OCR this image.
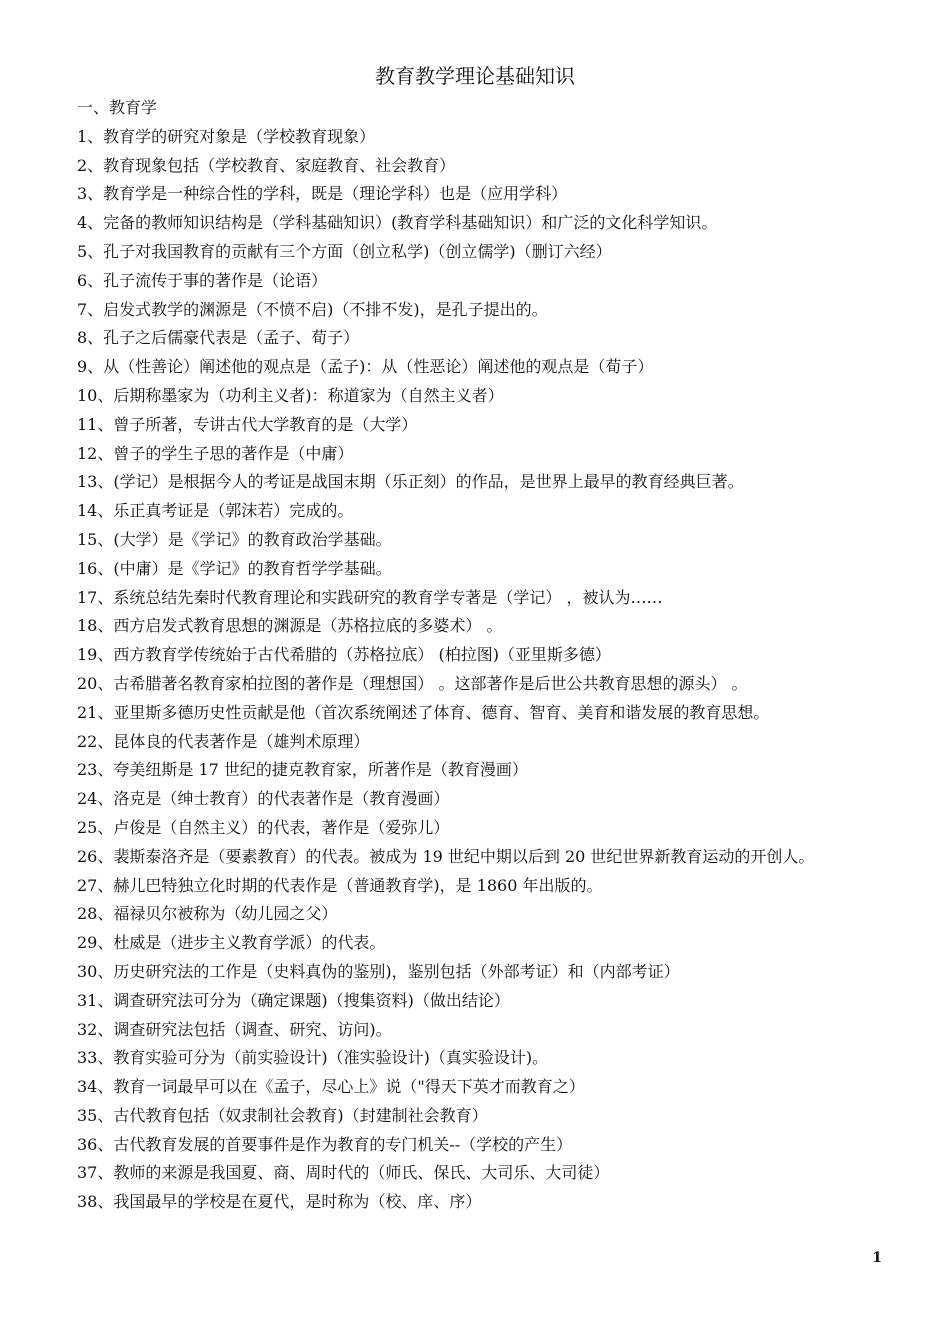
教育教学理论基础知识
一、教育学
1、教育学的研究对象是（学校教育现象）
2、教育现象包括（学校教育、家庭教育、社会教育）
3、教育学是一种综合性的学科，既是（理论学科）也是（应用学科）
4、完备的教师知识结构是（学科基础知识）(教育学科基础知识）和广泛的文化科学知识。
5、孔子对我国教育的贡献有三个方面（创立私学)（创立儒学)（删订六经）
6、孔子流传于事的著作是（论语）
7、启发式教学的渊源是（不愤不启)（不排不发)，是孔子提出的。
8、孔子之后儒豪代表是（孟子、荀子）
9、从（性善论）阐述他的观点是（孟子)：从（性恶论）阐述他的观点是（荀子）
10、后期称墨家为（功利主义者)：称道家为（自然主义者）
11、曾子所著，专讲古代大学教育的是（大学）
12、曾子的学生子思的著作是（中庸）
13、(学记）是根据今人的考证是战国末期（乐正刻）的作品，是世界上最早的教育经典巨著。
14、乐正真考证是（郭沫若）完成的。
15、(大学）是《学记》的教育政治学基础。
16、(中庸）是《学记》的教育哲学学基础。
17、系统总结先秦时代教育理论和实践研究的教育学专著是（学记） ，被认为……
18、西方启发式教育思想的渊源是（苏格拉底的多婆术） 。
19、西方教育学传统始于古代希腊的（苏格拉底） (柏拉图)（亚里斯多德）
20、古希腊著名教育家柏拉图的著作是（理想国） 。这部著作是后世公共教育思想的源头） 。
21、亚里斯多德历史性贡献是他（首次系统阐述了体育、德育、智育、美育和谐发展的教育思想。
22、昆体良的代表著作是（雄判术原理）
23、夸美纽斯是 17 世纪的捷克教育家，所著作是（教育漫画）
24、洛克是（绅士教育）的代表著作是（教育漫画）
25、卢俊是（自然主义）的代表，著作是（爱弥儿）
26、裴斯泰洛齐是（要素教育）的代表。被成为 19 世纪中期以后到 20 世纪世界新教育运动的开创人。
27、赫儿巴特独立化时期的代表作是（普通教育学)，是 1860 年出版的。
28、福禄贝尔被称为（幼儿园之父）
29、杜威是（进步主义教育学派）的代表。
30、历史研究法的工作是（史料真伪的鉴别)，鉴别包括（外部考证）和（内部考证）
31、调查研究法可分为（确定课题)（搜集资料)（做出结论）
32、调查研究法包括（调查、研究、访问)。
33、教育实验可分为（前实验设计)（准实验设计)（真实验设计)。
34、教育一词最早可以在《孟子，尽心上》说（"得天下英才而教育之）
35、古代教育包括（奴隶制社会教育)（封建制社会教育）
36、古代教育发展的首要事件是作为教育的专门机关--（学校的产生）
37、教师的来源是我国夏、商、周时代的（师氏、保氏、大司乐、大司徒）
38、我国最早的学校是在夏代，是时称为（校、庠、序）
1
